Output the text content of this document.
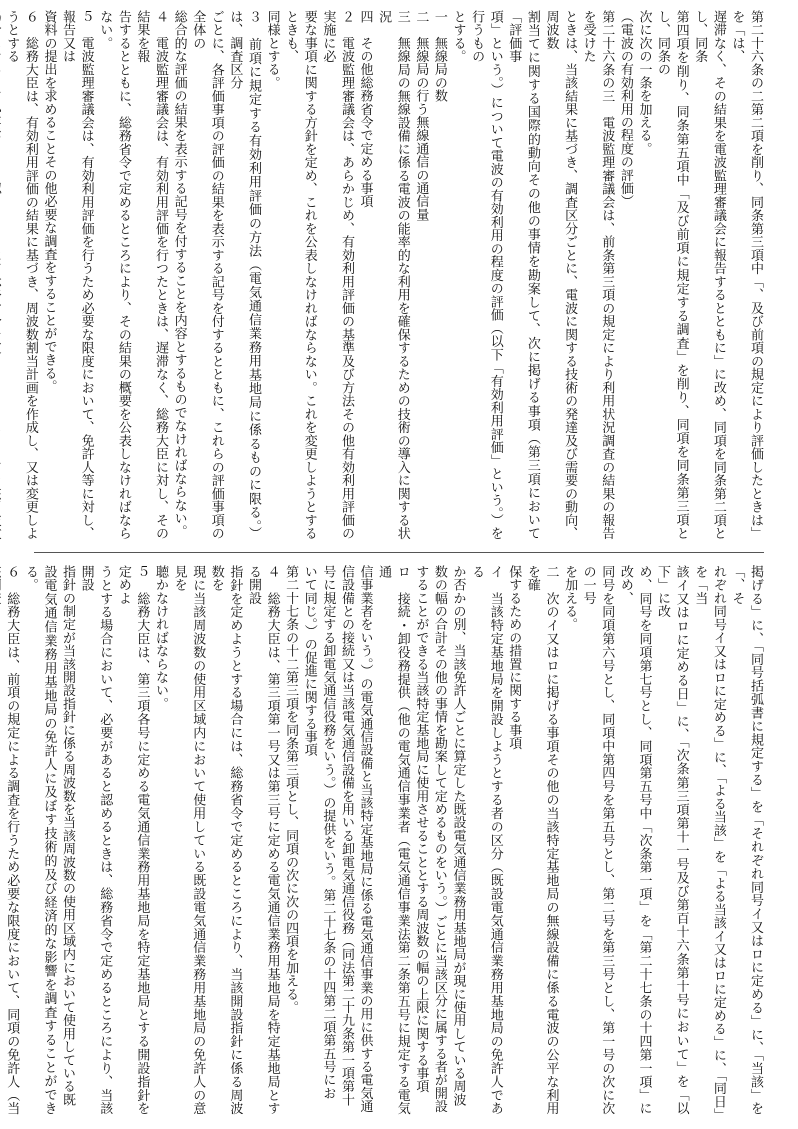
第二十六条の二第二項を削り、同条第三項中「、及び前項の規定により評価したときは」を「は、
遅滞なく、その結果を電波監理審議会に報告するとともに」に改め、同項を同条第二項とし、同条
第四項を削り、同条第五項中「及び前項に規定する調査」を削り、同項を同条第三項とし、同条の
次に次の一条を加える。
（電波の有効利用の程度の評価）
第二十六条の三　電波監理審議会は、前条第三項の規定により利用状況調査の結果の報告を受けた
ときは、当該結果に基づき、調査区分ごとに、電波に関する技術の発達及び需要の動向、周波数
割当てに関する国際的動向その他の事情を勘案して、次に掲げる事項（第三項において「評価事
項」という。）について電波の有効利用の程度の評価（以下「有効利用評価」という。）を行うもの
とする。
一　無線局の数
二　無線局の行う無線通信の通信量
三　無線局の無線設備に係る電波の能率的な利用を確保するための技術の導入に関する状況
四　その他総務省令で定める事項
２　電波監理審議会は、あらかじめ、有効利用評価の基準及び方法その他有効利用評価の実施に必
要な事項に関する方針を定め、これを公表しなければならない。これを変更しようとするときも、
同様とする。
３　前項に規定する有効利用評価の方法（電気通信業務用基地局に係るものに限る。）は、調査区分
ごとに、各評価事項の評価の結果を表示する記号を付するとともに、これらの評価事項の全体の
総合的な評価の結果を表示する記号を付することを内容とするものでなければならない。
４　電波監理審議会は、有効利用評価を行つたときは、遅滞なく、総務大臣に対し、その結果を報
告するとともに、総務省令で定めるところにより、その結果の概要を公表しなければならない。
５　電波監理審議会は、有効利用評価を行うため必要な限度において、免許人等に対し、報告又は
資料の提出を求めることその他必要な調査をすることができる。
６　総務大臣は、有効利用評価の結果に基づき、周波数割当計画を作成し、又は変更しようとする

掲げる」に、「同号括弧書に規定する」を「それぞれ同号イ又はロに定める」に、「当該」を「、そ
れぞれ同号イ又はロに定める」に、「よる当該」を「よる当該イ又はロに定める」に、「同日」を「当
該イ又はロに定める日」に、「次条第三項第十一号及び第百十六条第十号において」を「以下」に改
め、同号を同項第七号とし、同項第五号中「次条第一項」を「第二十七条の十四第一項」に改め、
同号を同項第六号とし、同項中第四号を第五号とし、第二号を第三号とし、第一号の次に次の一号
を加える。
二　次のイ又はロに掲げる事項その他の当該特定基地局の無線設備に係る電波の公平な利用を確
保するための措置に関する事項
イ　当該特定基地局を開設しようとする者の区分（既設電気通信業務用基地局の免許人である
か否かの別、当該免許人ごとに算定した既設電気通信業務用基地局が現に使用している周波
数の幅の合計その他の事情を勘案して定めるものをいう。）ごとに当該区分に属する者が開設
することができる当該特定基地局に使用させることとする周波数の幅の上限に関する事項
ロ　接続・卸役務提供（他の電気通信事業者（電気通信事業法第二条第五号に規定する電気通
信事業者をいう。）の電気通信設備と当該特定基地局に係る電気通信事業の用に供する電気通
信設備との接続又は当該電気通信設備を用いる卸電気通信役務（同法第二十九条第一項第十
号に規定する卸電気通信役務をいう。）の提供をいう。第二十七条の十四第二項第五号にお
いて同じ。）の促進に関する事項
第二十七条の十二第三項を同条第三項とし、同項の次に次の四項を加える。
４　総務大臣は、第三項第一号又は第三号に定める電気通信業務用基地局を特定基地局とする開設
指針を定めようとする場合には、総務省令で定めるところにより、当該開設指針に係る周波数を
現に当該周波数の使用区域内において使用している既設電気通信業務用基地局の免許人の意見を
聴かなければならない。
５　総務大臣は、第三項各号に定める電気通信業務用基地局を特定基地局とする開設指針を定めよ
うとする場合において、必要があると認めるときは、総務省令で定めるところにより、当該開設
指針の制定が当該開設指針に係る周波数を当該周波数の使用区域内において使用している既
設電気通信業務用基地局の免許人に及ぼす技術的及び経済的な影響を調査することができる。
６　総務大臣は、前項の規定による調査を行うため必要な限度において、同項の免許人（当
